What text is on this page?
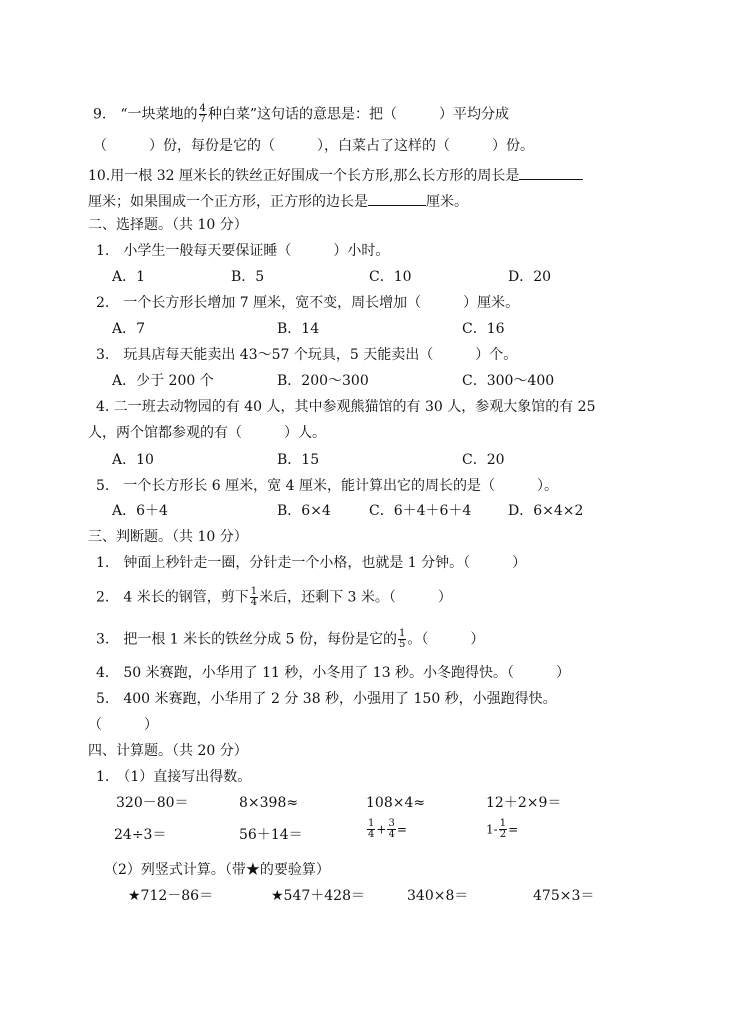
9.　“一块菜地的 $\frac{4}{7}$ 种白菜”这句话的意思是：把（　　　）平均分成
（　　　）份，每份是它的（　　　），白菜占了这样的（　　　）份。
10.用一根 32 厘米长的铁丝正好围成一个长方形,那么长方形的周长是
厘米；如果围成一个正方形，正方形的边长是	厘米。
二、选择题。（共 10 分）
1.　小学生一般每天要保证睡（　　　）小时。
A．1	B．5	C．10	D．20
2.　一个长方形长增加 7 厘米，宽不变，周长增加（　　　）厘米。
A．7	B．14	C．16
3.　玩具店每天能卖出 43～57 个玩具，5 天能卖出（　　　）个。
A．少于 200 个	B．200～300	C．300～400
4. 二一班去动物园的有 40 人，其中参观熊猫馆的有 30 人，参观大象馆的有 25
人，两个馆都参观的有（　　　）人。
A．10	B．15	C．20
5.　一个长方形长 6 厘米，宽 4 厘米，能计算出它的周长的是（　　　）。
A．6＋4	B．6×4	C．6＋4＋6＋4	D．6×4×2
三、判断题。（共 10 分）
1.　钟面上秒针走一圈，分针走一个小格，也就是 1 分钟。（　　　）
2.　4 米长的钢管，剪下 $\frac{1}{4}$ 米后，还剩下 3 米。（　　　）
3.　把一根 1 米长的铁丝分成 5 份，每份是它的 $\frac{1}{5}$ 。（　　　）
4.　50 米赛跑，小华用了 11 秒，小冬用了 13 秒。小冬跑得快。（　　　）
5.　400 米赛跑，小华用了 2 分 38 秒，小强用了 150 秒，小强跑得快。
（　　　）
四、计算题。（共 20 分）
1.　（1）直接写出得数。
320－80＝	8×398≈	108×4≈	12＋2×9＝
24÷3＝	56＋14＝	$\frac{1}{4} + \frac{3}{4}$ =	$1- \frac{1}{2}$ =
（2）列竖式计算。（带★的要验算）
★712－86＝	★547＋428＝	340×8＝	475×3＝
